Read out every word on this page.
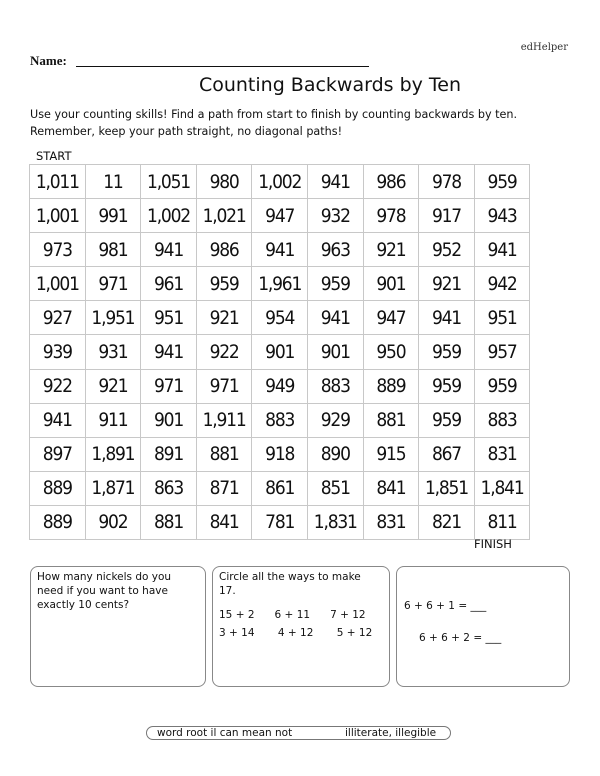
edHelper
Name:
Counting Backwards by Ten
Use your counting skills! Find a path from start to finish by counting backwards by ten.
Remember, keep your path straight, no diagonal paths!
START
1,011	11	1,051	980	1,002	941	986	978	959
1,001	991	1,002	1,021	947	932	978	917	943
973	981	941	986	941	963	921	952	941
1,001	971	961	959	1,961	959	901	921	942
927	1,951	951	921	954	941	947	941	951
939	931	941	922	901	901	950	959	957
922	921	971	971	949	883	889	959	959
941	911	901	1,911	883	929	881	959	883
897	1,891	891	881	918	890	915	867	831
889	1,871	863	871	861	851	841	1,851	1,841
889	902	881	841	781	1,831	831	821	811
FINISH
How many nickels do you
need if you want to have
exactly 10 cents?
Circle all the ways to make
17.
15 + 2      6 + 11      7 + 12
3 + 14       4 + 12       5 + 12
6 + 6 + 1 = ___
6 + 6 + 2 = ___
word root il can mean not	illiterate, illegible
